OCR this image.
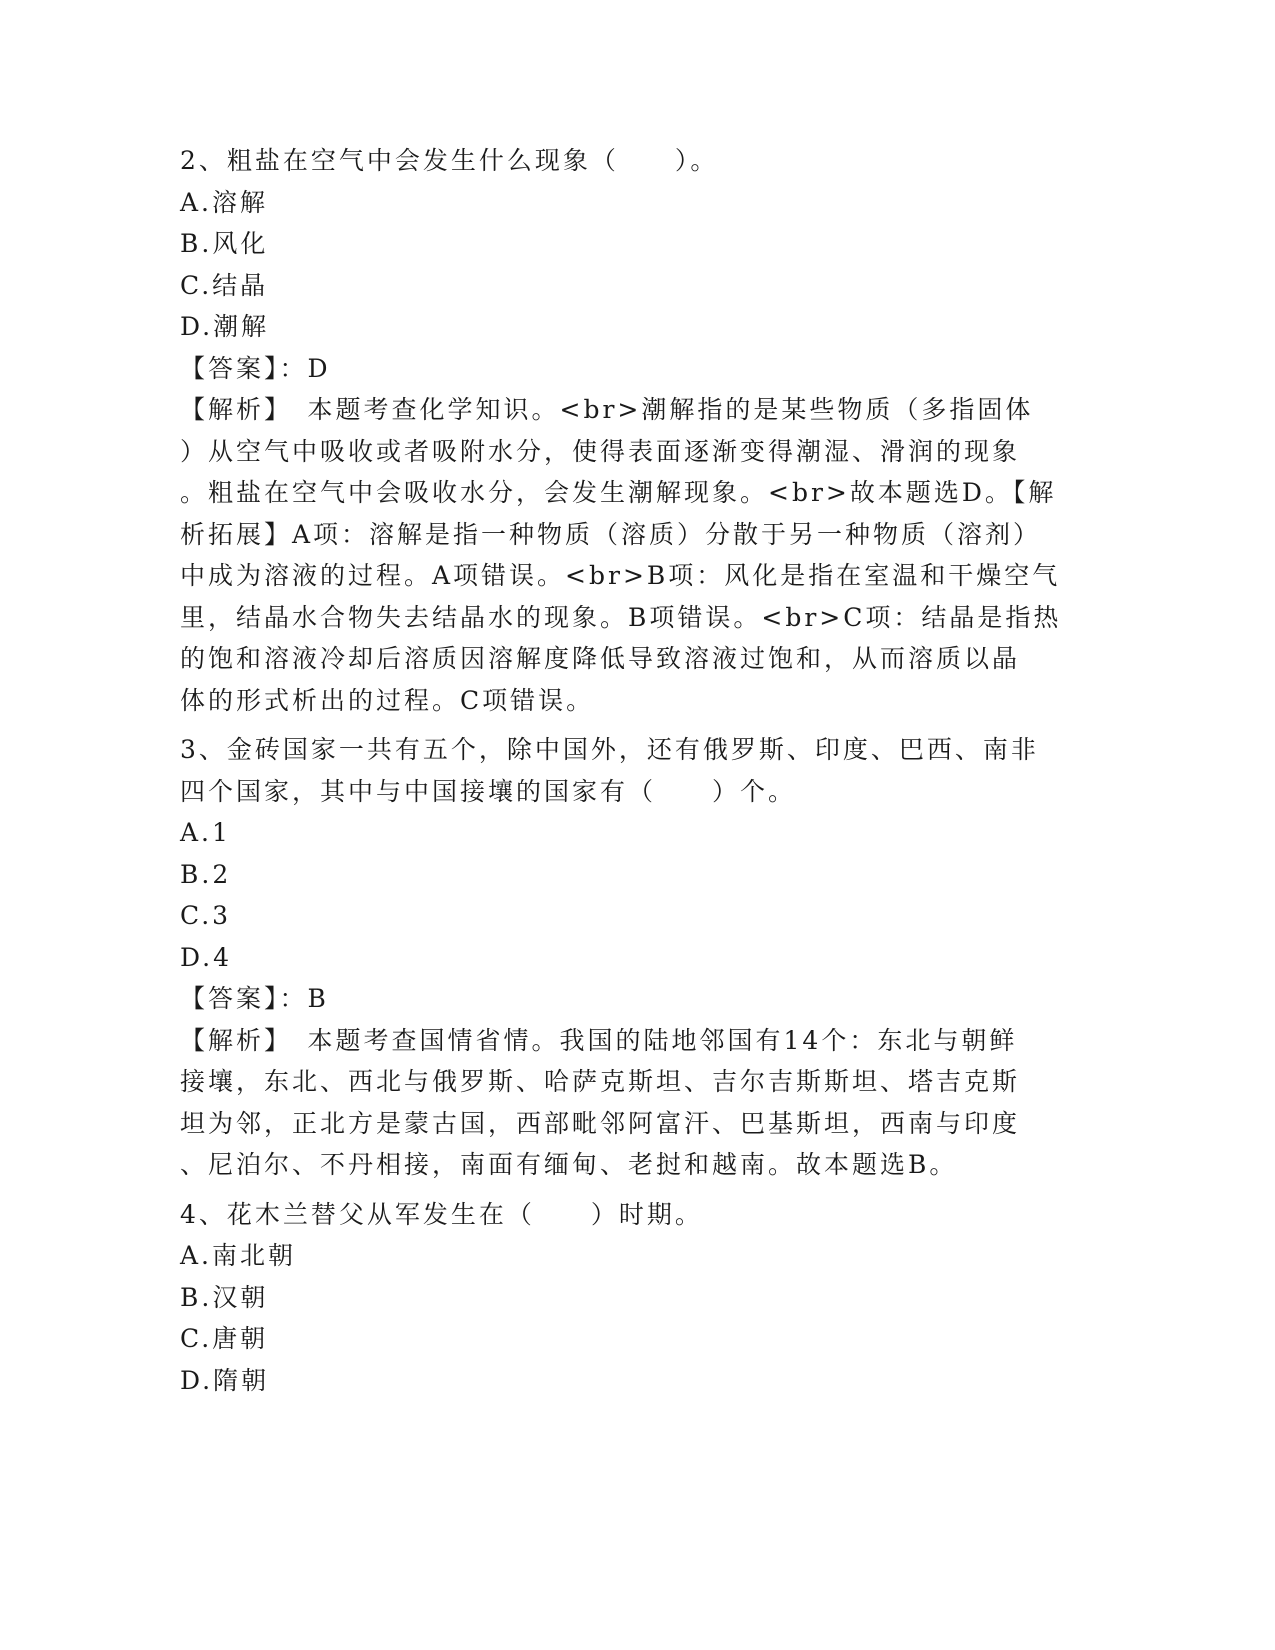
2、粗盐在空气中会发生什么现象（　　）。
A.溶解
B.风化
C.结晶
D.潮解
【答案】：D
【解析】　本题考查化学知识。<br>潮解指的是某些物质（多指固体
）从空气中吸收或者吸附水分，使得表面逐渐变得潮湿、滑润的现象
。粗盐在空气中会吸收水分，会发生潮解现象。<br>故本题选D。【解
析拓展】A项：溶解是指一种物质（溶质）分散于另一种物质（溶剂）
中成为溶液的过程。A项错误。<br>B项：风化是指在室温和干燥空气
里，结晶水合物失去结晶水的现象。B项错误。<br>C项：结晶是指热
的饱和溶液冷却后溶质因溶解度降低导致溶液过饱和，从而溶质以晶
体的形式析出的过程。C项错误。
3、金砖国家一共有五个，除中国外，还有俄罗斯、印度、巴西、南非
四个国家，其中与中国接壤的国家有（　　）个。
A.1
B.2
C.3
D.4
【答案】：B
【解析】　本题考查国情省情。我国的陆地邻国有14个：东北与朝鲜
接壤，东北、西北与俄罗斯、哈萨克斯坦、吉尔吉斯斯坦、塔吉克斯
坦为邻，正北方是蒙古国，西部毗邻阿富汗、巴基斯坦，西南与印度
、尼泊尔、不丹相接，南面有缅甸、老挝和越南。故本题选B。
4、花木兰替父从军发生在（　　）时期。
A.南北朝
B.汉朝
C.唐朝
D.隋朝
